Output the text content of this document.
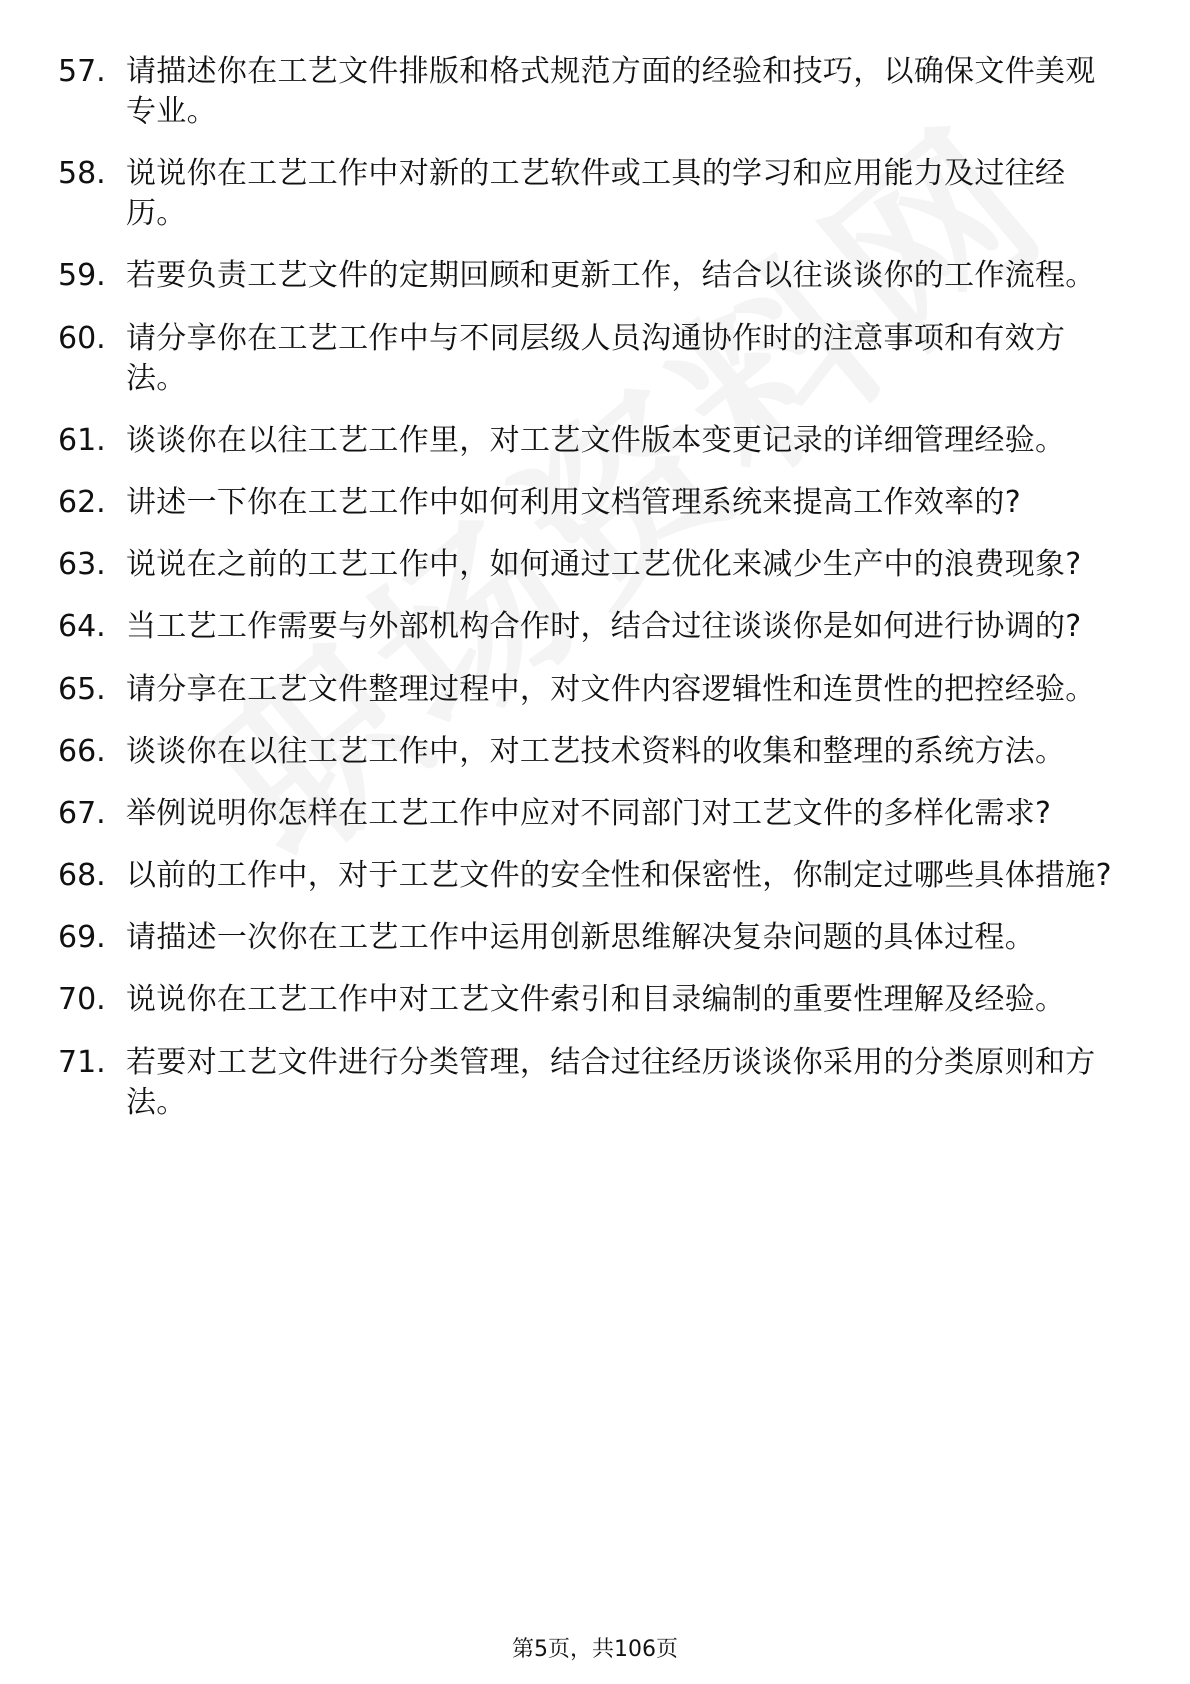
57. 请描述你在工艺文件排版和格式规范方面的经验和技巧，以确保文件美观专业。
58. 说说你在工艺工作中对新的工艺软件或工具的学习和应用能力及过往经历。
59. 若要负责工艺文件的定期回顾和更新工作，结合以往谈谈你的工作流程。
60. 请分享你在工艺工作中与不同层级人员沟通协作时的注意事项和有效方法。
61. 谈谈你在以往工艺工作里，对工艺文件版本变更记录的详细管理经验。
62. 讲述一下你在工艺工作中如何利用文档管理系统来提高工作效率的?
63. 说说在之前的工艺工作中，如何通过工艺优化来减少生产中的浪费现象?
64. 当工艺工作需要与外部机构合作时，结合过往谈谈你是如何进行协调的?
65. 请分享在工艺文件整理过程中，对文件内容逻辑性和连贯性的把控经验。
66. 谈谈你在以往工艺工作中，对工艺技术资料的收集和整理的系统方法。
67. 举例说明你怎样在工艺工作中应对不同部门对工艺文件的多样化需求?
68. 以前的工作中，对于工艺文件的安全性和保密性，你制定过哪些具体措施?
69. 请描述一次你在工艺工作中运用创新思维解决复杂问题的具体过程。
70. 说说你在工艺工作中对工艺文件索引和目录编制的重要性理解及经验。
71. 若要对工艺文件进行分类管理，结合过往经历谈谈你采用的分类原则和方法。
第5页，共106页
